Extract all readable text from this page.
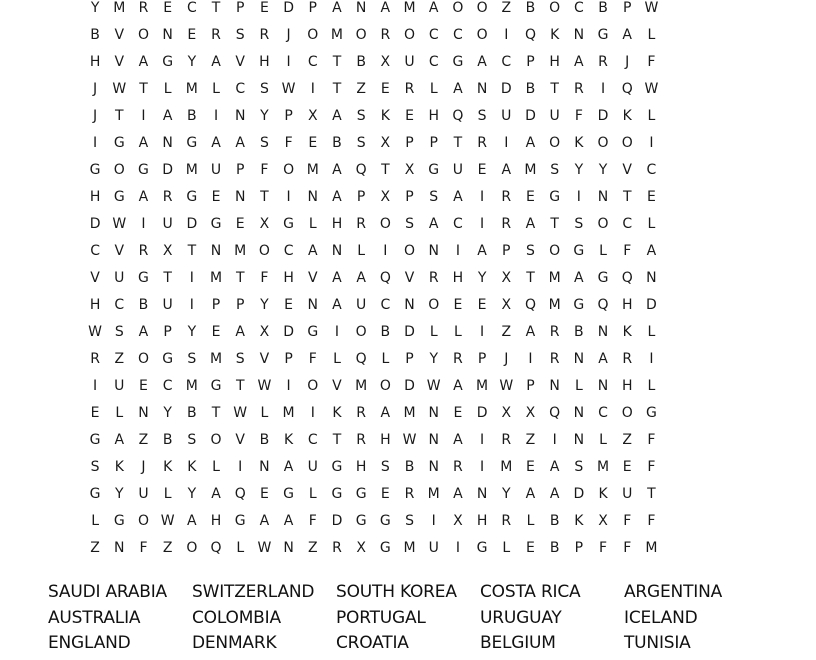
Y M R	E	C	T	P	E	D	P	A	N	A M A O O Z	B O C	B	P W
B	V O N	E	R	S	R	J	O M O R O C	C O	I	Q	K	N G A	L
H	V	A G	Y	A	V	H	I	C	T	B	X	U	C G A	C	P	H	A	R	J	F
J	W T	L	M	L	C	S W	I	T	Z	E	R	L	A	N D B	T	R	I	Q W
J	T	I	A	B	I	N	Y	P	X	A	S	K	E	H Q	S	U D U	F	D	K	L
I	G A	N G A	A	S	F	E	B	S	X	P	P	T	R	I	A O	K	O O	I
G O G D M U	P	F	O M A Q	T	X G U	E	A M S	Y	Y	V	C
H G A	R G	E	N	T	I	N	A	P	X	P	S	A	I	R	E	G	I	N	T	E
D W	I	U D G	E	X G	L	H	R O	S	A	C	I	R	A	T	S	O C	L
C	V	R	X	T	N M O C	A	N	L	I	O N	I	A	P	S	O G	L	F	A
V	U G	T	I	M T	F	H	V	A	A Q V	R	H	Y	X	T M A G Q N
H	C	B	U	I	P	P	Y	E	N	A	U	C	N O	E	E	X Q M G Q H D
W S	A	P	Y	E	A	X	D G	I	O B	D	L	L	I	Z	A	R	B	N	K	L
R	Z O G	S M S	V	P	F	L	Q	L	P	Y	R	P	J	I	R	N	A	R	I
I	U	E	C M G	T W	I	O V M O D W A M W P	N	L	N H	L
E	L	N	Y	B	T W L	M	I	K	R	A M N	E	D	X	X Q N	C O G
G A	Z	B	S	O V	B	K	C	T	R	H W N	A	I	R	Z	I	N	L	Z	F
S	K	J	K	K	L	I	N	A	U G H	S	B	N	R	I	M E	A	S M E	F
G	Y	U	L	Y	A Q	E	G	L	G G	E	R M A	N	Y	A	A	D	K	U	T
L	G O W A	H G A	A	F	D G G	S	I	X	H	R	L	B	K	X	F	F
Z	N	F	Z O Q	L W N	Z	R	X G M U	I	G	L	E	B	P	F	F	M
SAUDI ARABIA	SWITZERLAND	SOUTH KOREA	COSTA RICA	ARGENTINA
AUSTRALIA	COLOMBIA	PORTUGAL	URUGUAY	ICELAND
ENGLAND	DENMARK	CROATIA	BELGIUM	TUNISIA
